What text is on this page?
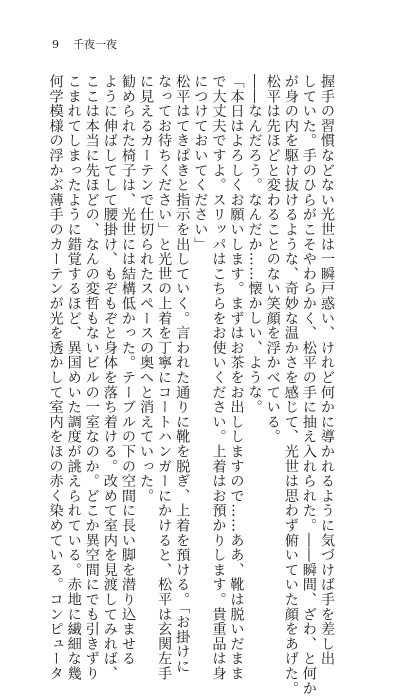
9 千夜一夜

握手の習慣などない光世は一瞬戸惑い、けれど何かに導かれるように気づけば手を差し出

していた。手のひらがこそやわらかく、松平の手に抽え入れられた。――瞬間、ざわ、と何か

が身の内を駆け抜けるような、奇妙な温かさを感じて、光世は思わず俯いていた顔をあげた。

松平は先ほどと変わることのない笑顔を浮かべている。

――なんだろう。なんだか……懐かしい、ような。

「本日はよろしくお願いします。まずはお茶をお出ししますので……ああ、靴は脱いだまま

で大丈夫ですよ。スリッパはこちらをお使いください。上着はお預かりします。貴重品は身

につけておいてください」

松平はてきぱきと指示を出していく。言われた通りに靴を脱ぎ、上着を預ける。「お掛けに

なってお待ちください」と光世の上着を丁寧にコートハンガーにかけると、松平は玄関左手

に見えるカーテンで仕切られたスペースの奥へと消えていった。

勧められた椅子は、光世には結構低かった。テーブルの下の空間に長い脚を潜り込ませる

ように伸ばしてして腰掛け、もぞもぞと身体を落ち着ける。改めて室内を見渡してみれば、

ここは本当に先ほどの、なんの変哲もないビルの一室なのか。どこか異空間にでも引きずり

こまれてしまったように錯覚するほど、異国めいた調度が誂えられている。赤地に繊細な幾

何学模様の浮かぶ薄手のカーテンが光を透かして室内をほの赤く染めている。コンピュータ
